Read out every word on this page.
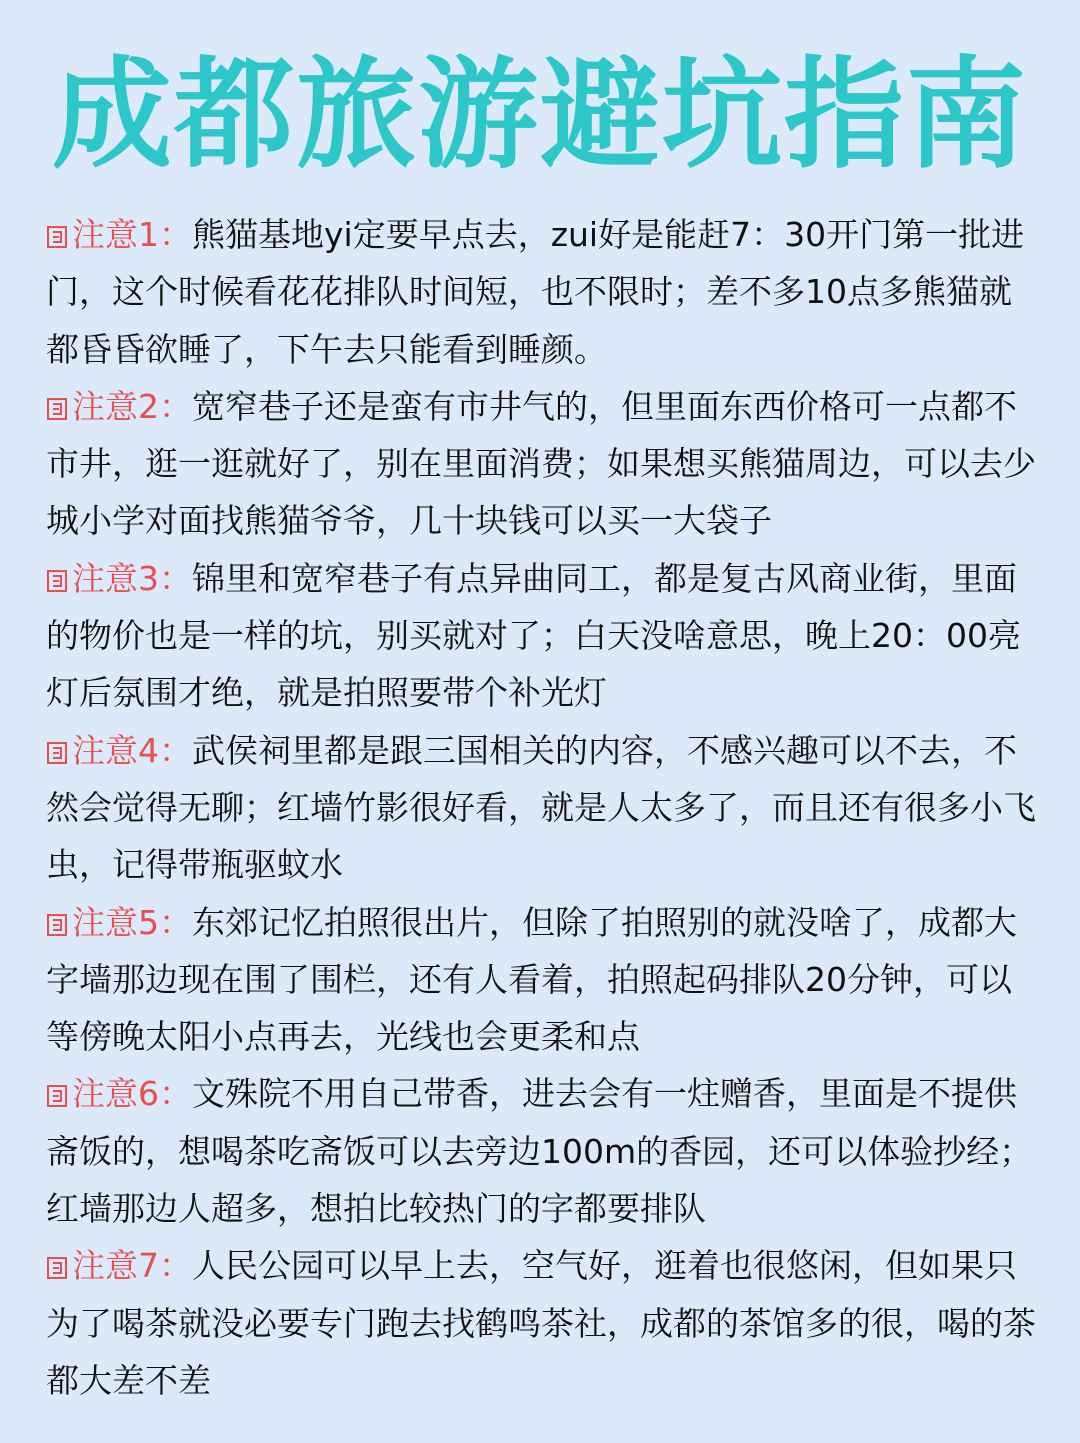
成都旅游避坑指南
注意1：熊猫基地yi定要早点去，zui好是能赶7：30开门第一批进门，这个时候看花花排队时间短，也不限时；差不多10点多熊猫就都昏昏欲睡了，下午去只能看到睡颜。
注意2：宽窄巷子还是蛮有市井气的，但里面东西价格可一点都不市井，逛一逛就好了，别在里面消费；如果想买熊猫周边，可以去少城小学对面找熊猫爷爷，几十块钱可以买一大袋子
注意3：锦里和宽窄巷子有点异曲同工，都是复古风商业街，里面的物价也是一样的坑，别买就对了；白天没啥意思，晚上20：00亮灯后氛围才绝，就是拍照要带个补光灯
注意4：武侯祠里都是跟三国相关的内容，不感兴趣可以不去，不然会觉得无聊；红墙竹影很好看，就是人太多了，而且还有很多小飞虫，记得带瓶驱蚊水
注意5：东郊记忆拍照很出片，但除了拍照别的就没啥了，成都大字墙那边现在围了围栏，还有人看着，拍照起码排队20分钟，可以等傍晚太阳小点再去，光线也会更柔和点
注意6：文殊院不用自己带香，进去会有一炷赠香，里面是不提供斋饭的，想喝茶吃斋饭可以去旁边100m的香园，还可以体验抄经；红墙那边人超多，想拍比较热门的字都要排队
注意7：人民公园可以早上去，空气好，逛着也很悠闲，但如果只为了喝茶就没必要专门跑去找鹤鸣茶社，成都的茶馆多的很，喝的茶都大差不差
